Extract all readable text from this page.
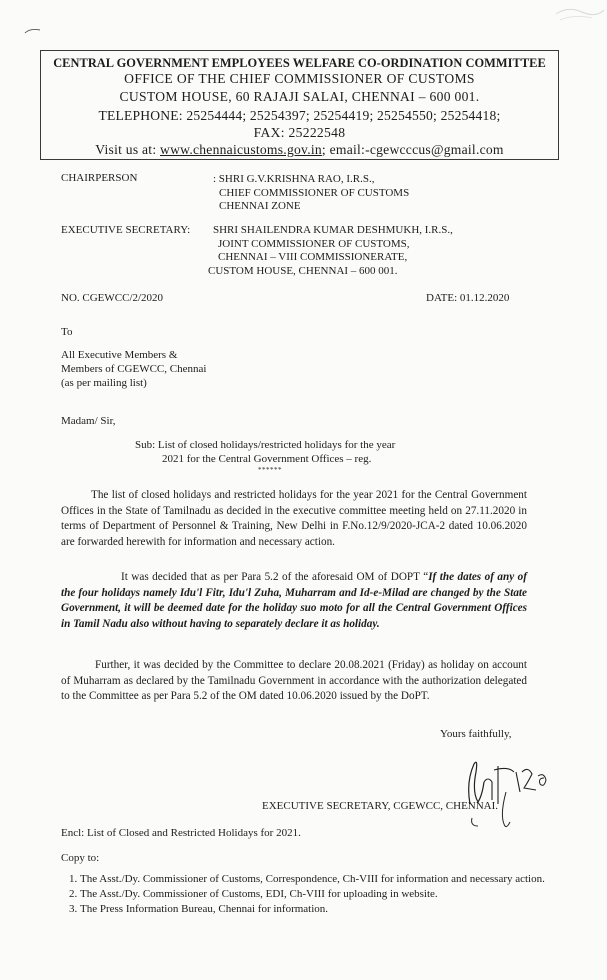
CENTRAL GOVERNMENT EMPLOYEES WELFARE CO-ORDINATION COMMITTEE
OFFICE OF THE CHIEF COMMISSIONER OF CUSTOMS
CUSTOM HOUSE, 60 RAJAJI SALAI, CHENNAI – 600 001.
TELEPHONE: 25254444; 25254397; 25254419; 25254550; 25254418;
FAX: 25222548
Visit us at: www.chennaicustoms.gov.in; email:-cgewcccus@gmail.com
CHAIRPERSON	: SHRI G.V.KRISHNA RAO, I.R.S.,
CHIEF COMMISSIONER OF CUSTOMS
CHENNAI ZONE
EXECUTIVE SECRETARY: SHRI SHAILENDRA KUMAR DESHMUKH, I.R.S.,
JOINT COMMISSIONER OF CUSTOMS,
CHENNAI – VIII COMMISSIONERATE,
CUSTOM HOUSE, CHENNAI – 600 001.
NO. CGEWCC/2/2020	DATE: 01.12.2020
To
All Executive Members &
Members of CGEWCC, Chennai
(as per mailing list)
Madam/ Sir,
Sub: List of closed holidays/restricted holidays for the year
2021 for the Central Government Offices – reg.
******
The list of closed holidays and restricted holidays for the year 2021 for the Central Government Offices in the State of Tamilnadu as decided in the executive committee meeting held on 27.11.2020 in terms of Department of Personnel & Training, New Delhi in F.No.12/9/2020-JCA-2 dated 10.06.2020 are forwarded herewith for information and necessary action.
It was decided that as per Para 5.2 of the aforesaid OM of DOPT “If the dates of any of the four holidays namely Idu'l Fitr, Idu'l Zuha, Muharram and Id-e-Milad are changed by the State Government, it will be deemed date for the holiday suo moto for all the Central Government Offices in Tamil Nadu also without having to separately declare it as holiday.
Further, it was decided by the Committee to declare 20.08.2021 (Friday) as holiday on account of Muharram as declared by the Tamilnadu Government in accordance with the authorization delegated to the Committee as per Para 5.2 of the OM dated 10.06.2020 issued by the DoPT.
Yours faithfully,
EXECUTIVE SECRETARY, CGEWCC, CHENNAI.
Encl: List of Closed and Restricted Holidays for 2021.
Copy to:
1. The Asst./Dy. Commissioner of Customs, Correspondence, Ch-VIII for information and necessary action.
2. The Asst./Dy. Commissioner of Customs, EDI, Ch-VIII for uploading in website.
3. The Press Information Bureau, Chennai for information.
